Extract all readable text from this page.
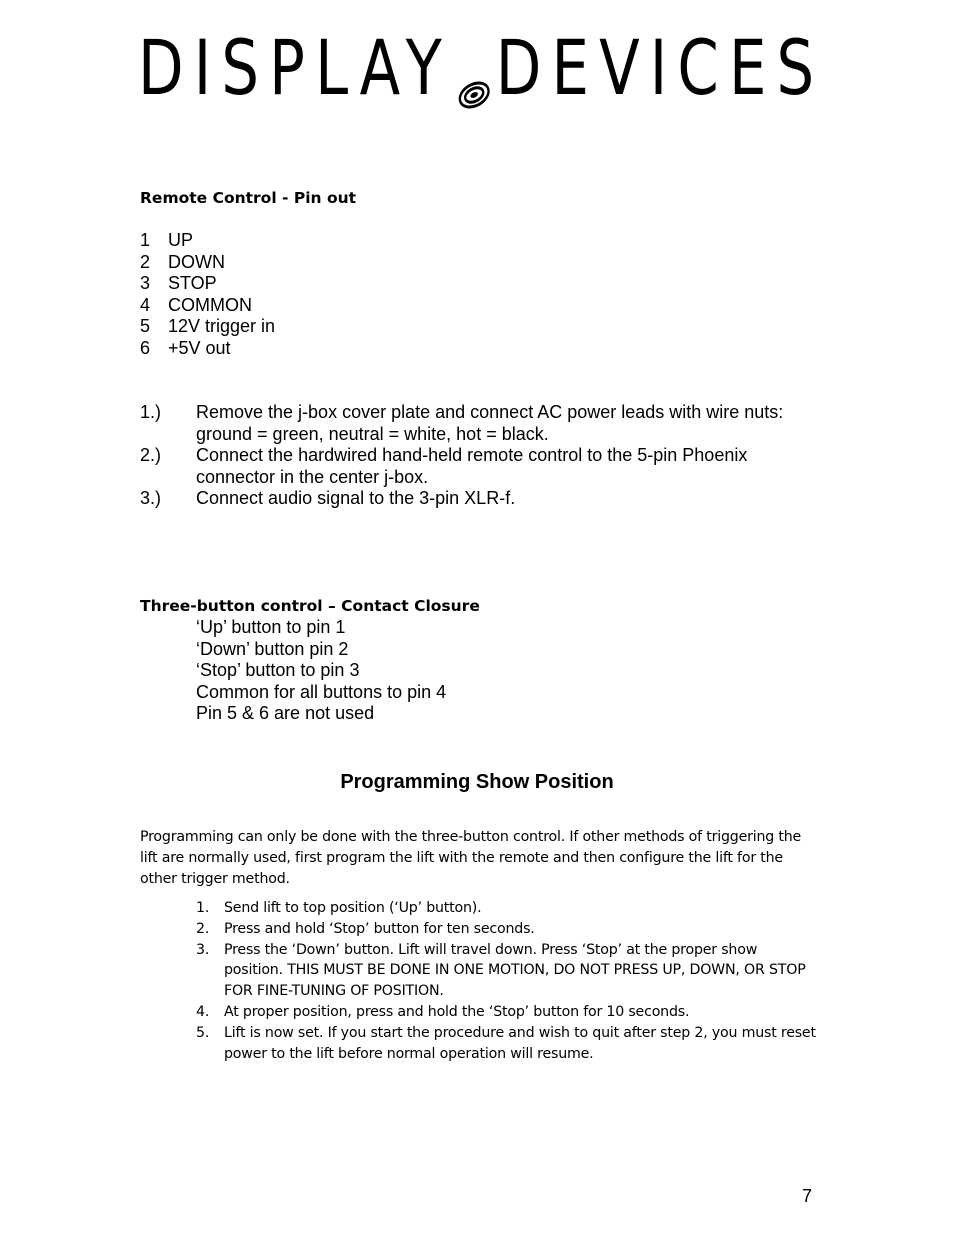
DISPLAY DEVICES
Remote Control - Pin out
1 UP
2 DOWN
3 STOP
4 COMMON
5 12V trigger in
6 +5V out
1.)	Remove the j-box cover plate and connect AC power leads with wire nuts: ground = green, neutral = white, hot = black.
2.)	Connect the hardwired hand-held remote control to the 5-pin Phoenix connector in the center j-box.
3.)	Connect audio signal to the 3-pin XLR-f.
Three-button control – Contact Closure
‘Up’ button to pin 1
‘Down’ button pin 2
‘Stop’ button to pin 3
Common for all buttons to pin 4
Pin 5 & 6 are not used
Programming Show Position
Programming can only be done with the three-button control. If other methods of triggering the lift are normally used, first program the lift with the remote and then configure the lift for the other trigger method.
1.	Send lift to top position (‘Up’ button).
2.	Press and hold ‘Stop’ button for ten seconds.
3.	Press the ‘Down’ button. Lift will travel down. Press ‘Stop’ at the proper show position. THIS MUST BE DONE IN ONE MOTION, DO NOT PRESS UP, DOWN, OR STOP FOR FINE-TUNING OF POSITION.
4.	At proper position, press and hold the ‘Stop’ button for 10 seconds.
5.	Lift is now set. If you start the procedure and wish to quit after step 2, you must reset power to the lift before normal operation will resume.
7
